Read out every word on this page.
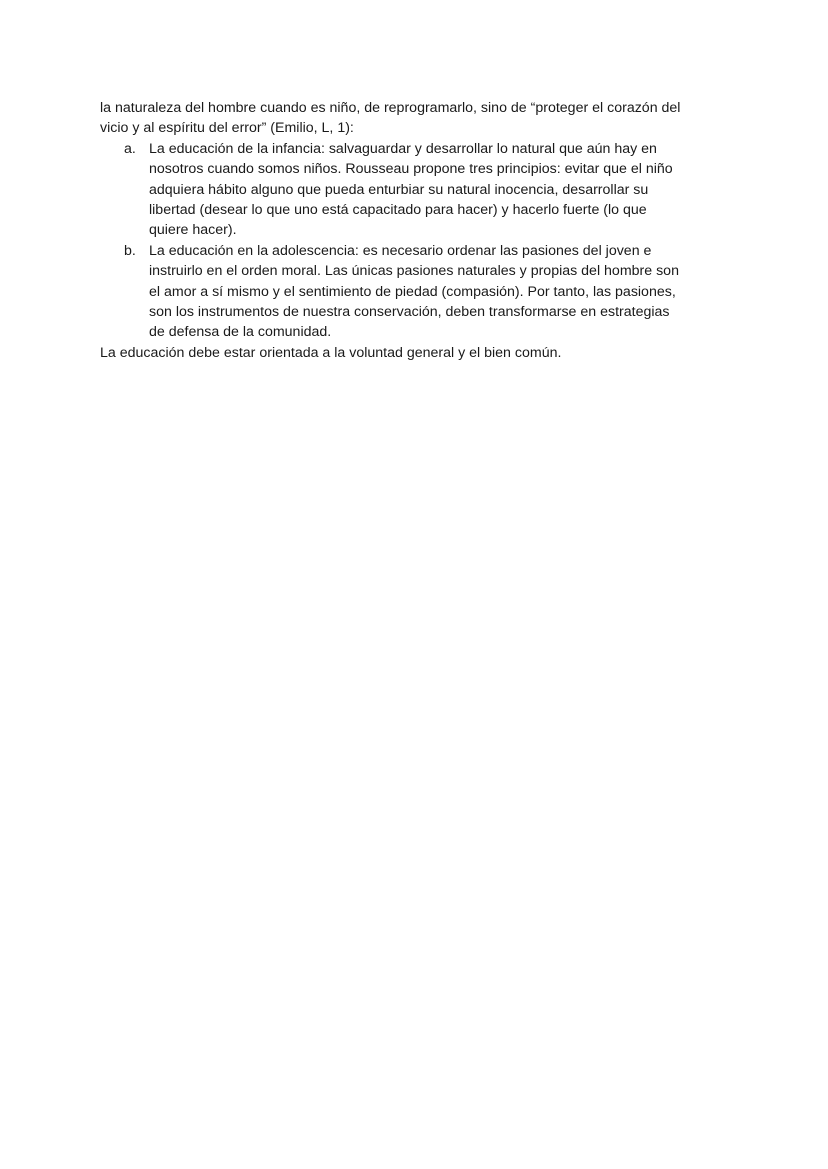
la naturaleza del hombre cuando es niño, de reprogramarlo, sino de “proteger el corazón del
vicio y al espíritu del error” (Emilio, L, 1):

a. La educación de la infancia: salvaguardar y desarrollar lo natural que aún hay en
nosotros cuando somos niños. Rousseau propone tres principios: evitar que el niño
adquiera hábito alguno que pueda enturbiar su natural inocencia, desarrollar su
libertad (desear lo que uno está capacitado para hacer) y hacerlo fuerte (lo que
quiere hacer).
b. La educación en la adolescencia: es necesario ordenar las pasiones del joven e
instruirlo en el orden moral. Las únicas pasiones naturales y propias del hombre son
el amor a sí mismo y el sentimiento de piedad (compasión). Por tanto, las pasiones,
son los instrumentos de nuestra conservación, deben transformarse en estrategias
de defensa de la comunidad.

La educación debe estar orientada a la voluntad general y el bien común.
